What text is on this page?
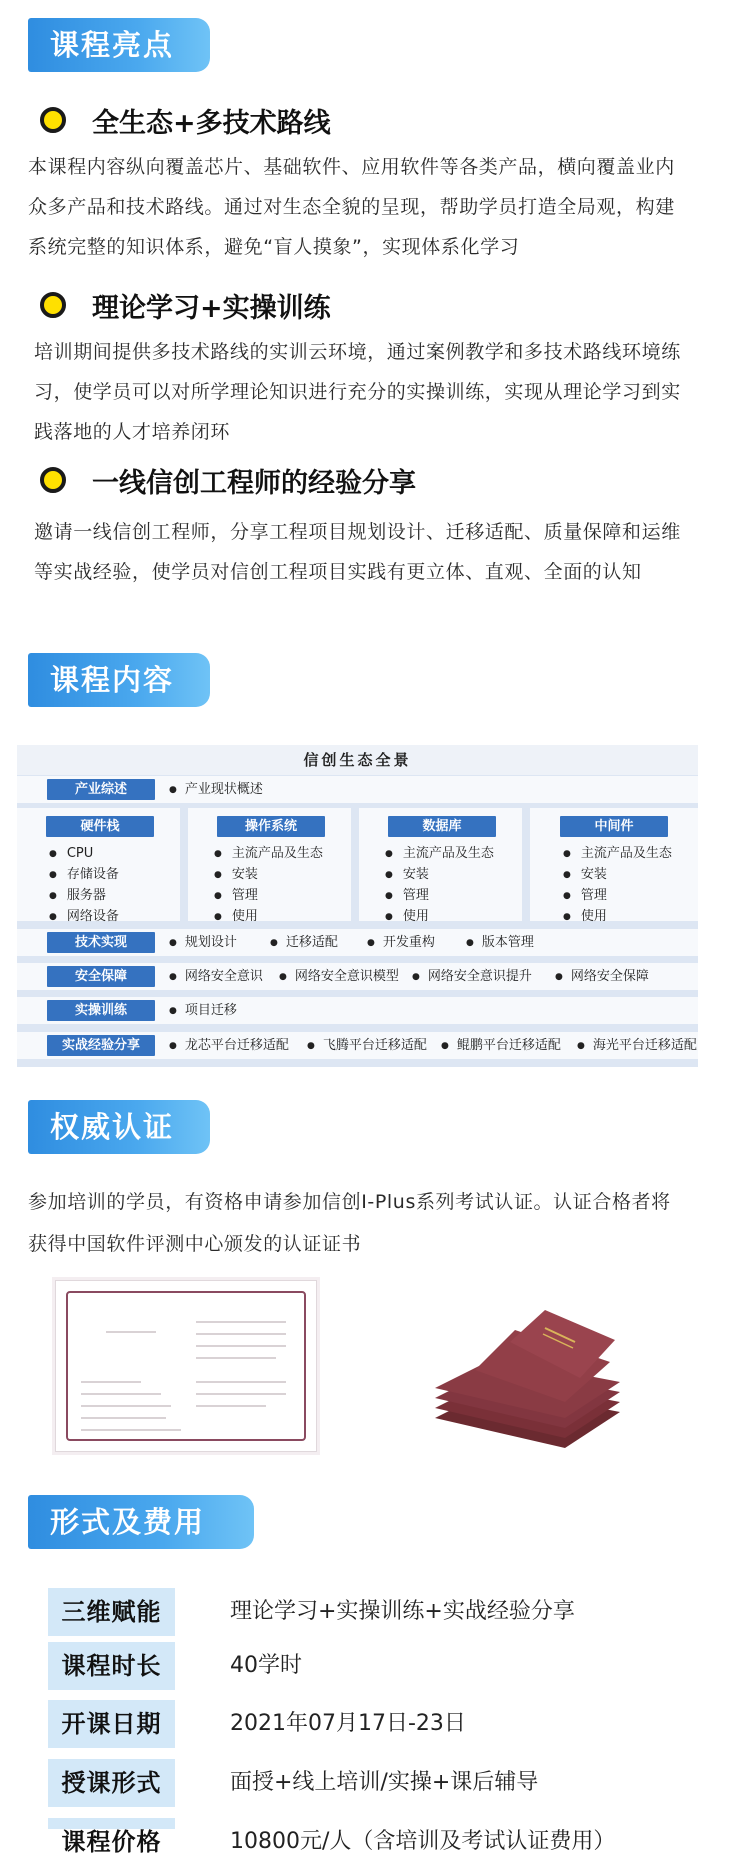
课程亮点
全生态+多技术路线
本课程内容纵向覆盖芯片、基础软件、应用软件等各类产品，横向覆盖业内众多产品和技术路线。通过对生态全貌的呈现，帮助学员打造全局观，构建系统完整的知识体系，避免“盲人摸象”，实现体系化学习
理论学习+实操训练
培训期间提供多技术路线的实训云环境，通过案例教学和多技术路线环境练习，使学员可以对所学理论知识进行充分的实操训练，实现从理论学习到实践落地的人才培养闭环
一线信创工程师的经验分享
邀请一线信创工程师，分享工程项目规划设计、迁移适配、质量保障和运维等实战经验，使学员对信创工程项目实践有更立体、直观、全面的认知
课程内容
信创生态全景
产业综述	● 产业现状概述
硬件栈
● CPU
● 存储设备
● 服务器
● 网络设备
操作系统
● 主流产品及生态
● 安装
● 管理
● 使用
数据库
● 主流产品及生态
● 安装
● 管理
● 使用
中间件
● 主流产品及生态
● 安装
● 管理
● 使用
技术实现	● 规划设计	● 迁移适配	● 开发重构	● 版本管理
安全保障	● 网络安全意识	● 网络安全意识模型	● 网络安全意识提升	● 网络安全保障
实操训练	● 项目迁移
实战经验分享	● 龙芯平台迁移适配	● 飞腾平台迁移适配	● 鲲鹏平台迁移适配	● 海光平台迁移适配
权威认证
参加培训的学员，有资格申请参加信创I-Plus系列考试认证。认证合格者将获得中国软件评测中心颁发的认证证书
形式及费用
三维赋能	理论学习+实操训练+实战经验分享
课程时长	40学时
开课日期	2021年07月17日-23日
授课形式	面授+线上培训/实操+课后辅导
课程价格	10800元/人（含培训及考试认证费用）
